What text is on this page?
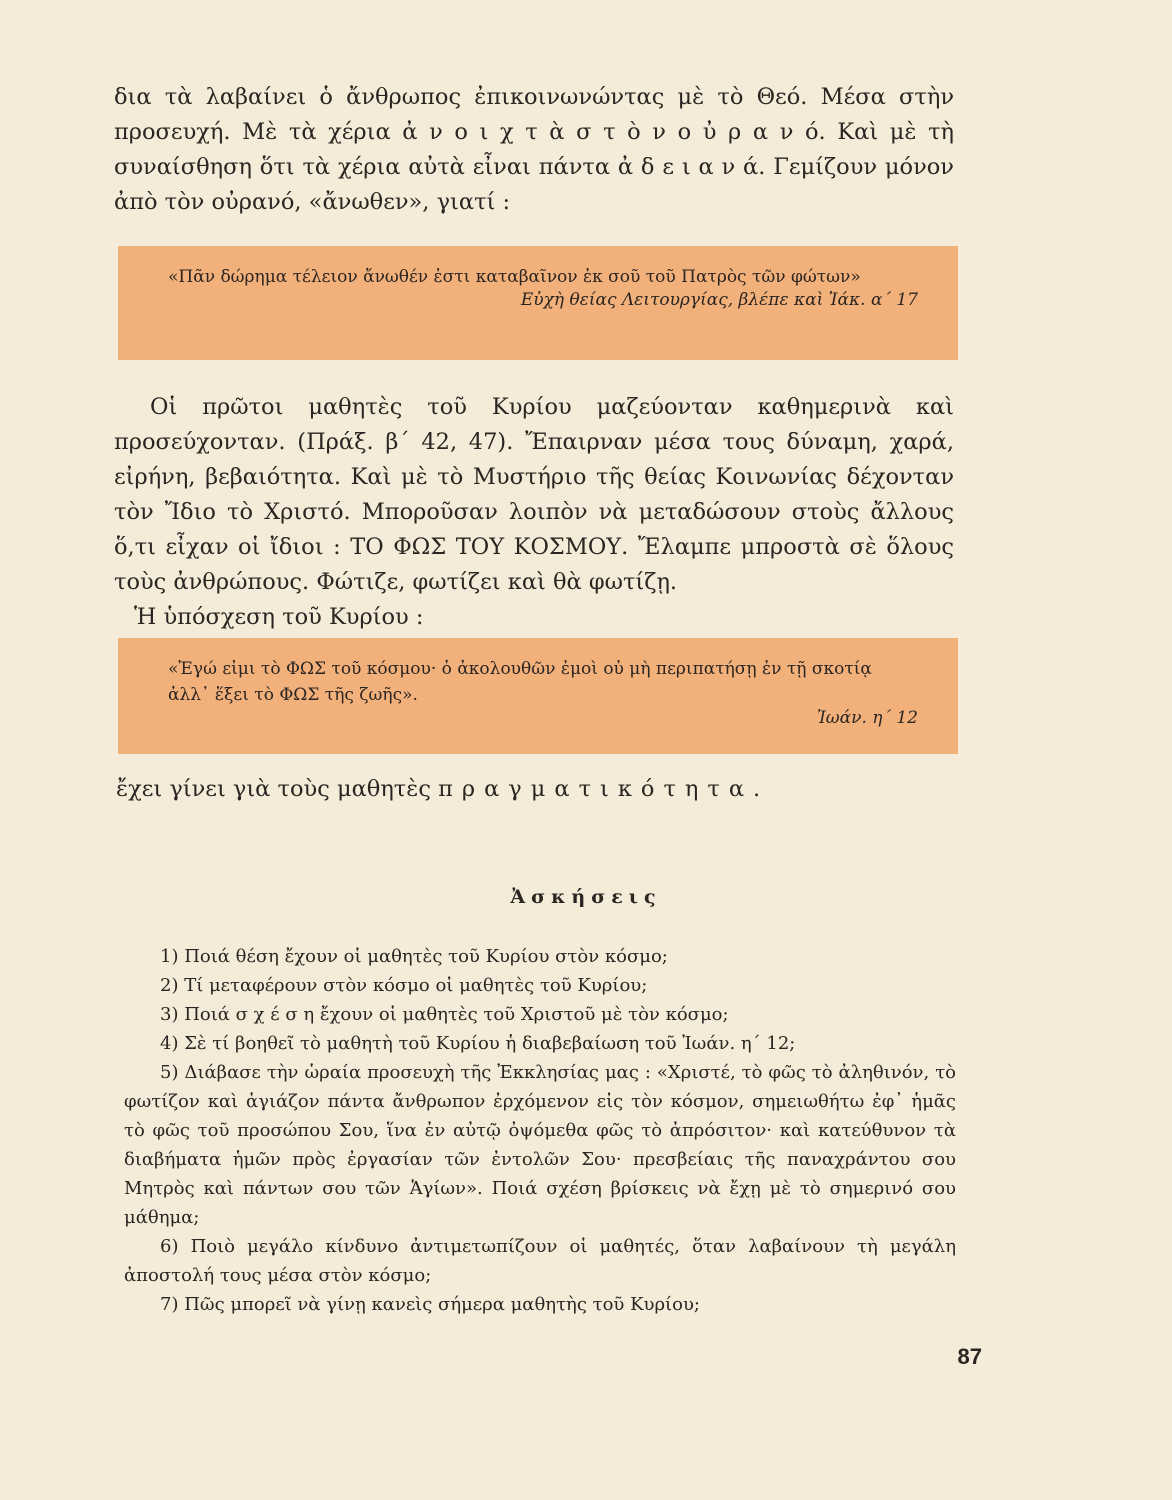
δια τὰ λαβαίνει ὁ ἄνθρωπος ἐπικοινωνώντας μὲ τὸ Θεό. Μέσα στὴν προσευχή. Μὲ τὰ χέρια ἀ ν ο ι χ τ ὰ σ τ ὸ ν ο ὐ ρ α ν ό. Καὶ μὲ τὴ συναίσθηση ὅτι τὰ χέρια αὐτὰ εἶναι πάντα ἀ δ ε ι α ν ά. Γεμίζουν μόνον ἀπὸ τὸν οὐρανό, «ἄνωθεν», γιατί :

«Πᾶν δώρημα τέλειον ἄνωθέν ἐστι καταβαῖνον ἐκ σοῦ τοῦ Πατρὸς τῶν φώτων»

Εὐχὴ θείας Λειτουργίας, βλέπε καὶ Ἰάκ. α΄ 17

Οἱ πρῶτοι μαθητὲς τοῦ Κυρίου μαζεύονταν καθημερινὰ καὶ προσεύχονταν. (Πράξ. β΄ 42, 47). Ἔπαιρναν μέσα τους δύναμη, χαρά, εἰρήνη, βεβαιότητα. Καὶ μὲ τὸ Μυστήριο τῆς θείας Κοινωνίας δέχονταν τὸν Ἴδιο τὸ Χριστό. Μποροῦσαν λοιπὸν νὰ μεταδώσουν στοὺς ἄλλους ὅ,τι εἶχαν οἱ ἴδιοι : ΤΟ ΦΩΣ ΤΟΥ ΚΟΣΜΟΥ. Ἔλαμπε μπροστὰ σὲ ὅλους τοὺς ἀνθρώπους. Φώτιζε, φωτίζει καὶ θὰ φωτίζῃ.

Ἡ ὑπόσχεση τοῦ Κυρίου :

«Ἐγώ εἰμι τὸ ΦΩΣ τοῦ κόσμου· ὁ ἀκολουθῶν ἐμοὶ οὐ μὴ περιπατήσῃ ἐν τῇ σκοτίᾳ ἀλλ᾽ ἕξει τὸ ΦΩΣ τῆς ζωῆς».

Ἰωάν. η΄ 12

ἔχει γίνει γιὰ τοὺς μαθητὲς πραγματικότητα.

Ἀσκήσεις

1) Ποιά θέση ἔχουν οἱ μαθητὲς τοῦ Κυρίου στὸν κόσμο;

2) Τί μεταφέρουν στὸν κόσμο οἱ μαθητὲς τοῦ Κυρίου;

3) Ποιά σ χ έ σ η ἔχουν οἱ μαθητὲς τοῦ Χριστοῦ μὲ τὸν κόσμο;

4) Σὲ τί βοηθεῖ τὸ μαθητὴ τοῦ Κυρίου ἡ διαβεβαίωση τοῦ Ἰωάν. η΄ 12;

5) Διάβασε τὴν ὡραία προσευχὴ τῆς Ἐκκλησίας μας : «Χριστέ, τὸ φῶς τὸ ἀληθινόν, τὸ φωτίζον καὶ ἁγιάζον πάντα ἄνθρωπον ἐρχόμενον εἰς τὸν κόσμον, σημειωθήτω ἐφ᾽ ἡμᾶς τὸ φῶς τοῦ προσώπου Σου, ἵνα ἐν αὐτῷ ὀψόμεθα φῶς τὸ ἀπρόσιτον· καὶ κατεύθυνον τὰ διαβήματα ἡμῶν πρὸς ἐργασίαν τῶν ἐντολῶν Σου· πρεσβείαις τῆς παναχράντου σου Μητρὸς καὶ πάντων σου τῶν Ἁγίων». Ποιά σχέση βρίσκεις νὰ ἔχῃ μὲ τὸ σημερινό σου μάθημα;

6) Ποιὸ μεγάλο κίνδυνο ἀντιμετωπίζουν οἱ μαθητές, ὅταν λαβαίνουν τὴ μεγάλη ἀποστολή τους μέσα στὸν κόσμο;

7) Πῶς μπορεῖ νὰ γίνῃ κανεὶς σήμερα μαθητὴς τοῦ Κυρίου;

87
